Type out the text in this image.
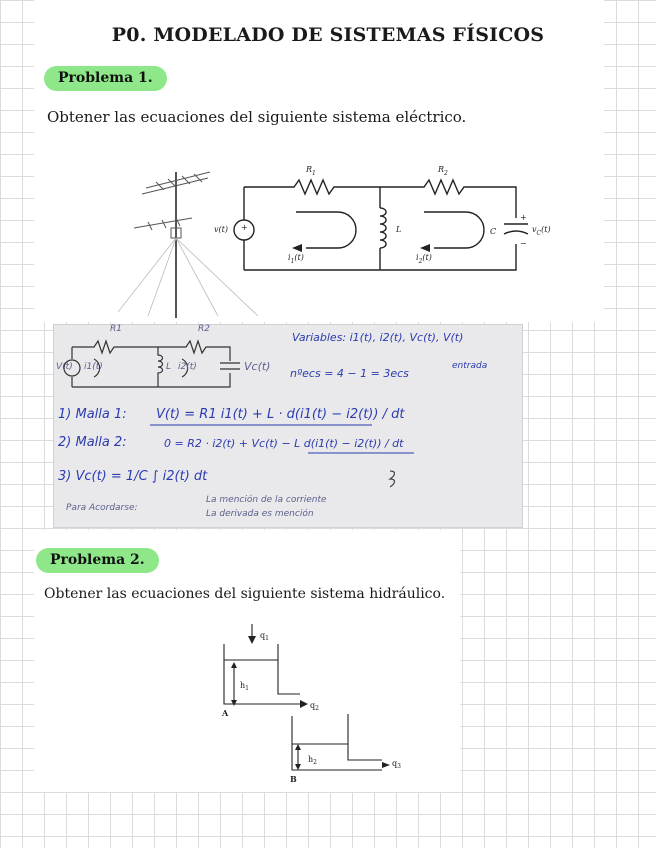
P0. MODELADO DE SISTEMAS FÍSICOS
Problema 1.
Obtener las ecuaciones del siguiente sistema eléctrico.
$R_1$	$R_2$
v(t) +	L	C
+
−
$v_C(t)$
$i_1(t)$	$i_2(t)$
R1	R2
V(t) i1(t)	L i2(t)	Vc(t)
Variables: i1(t), i2(t), Vc(t), V(t)
entrada
nºecs = 4 − 1 = 3ecs
1) Malla 1: V(t) = R1 i1(t) + L · d(i1(t) − i2(t)) / dt
2) Malla 2:	0 = R2 · i2(t) + Vc(t) − L d(i1(t) − i2(t)) / dt
3) Vc(t) = 1/C ∫ i2(t) dt
Para Acordarse:
La mención de la corriente
La derivada es mención
Problema 2.
Obtener las ecuaciones del siguiente sistema hidráulico.
$q_1$
$h_1$
$q_2$
A
$h_2$	$q_3$
B
